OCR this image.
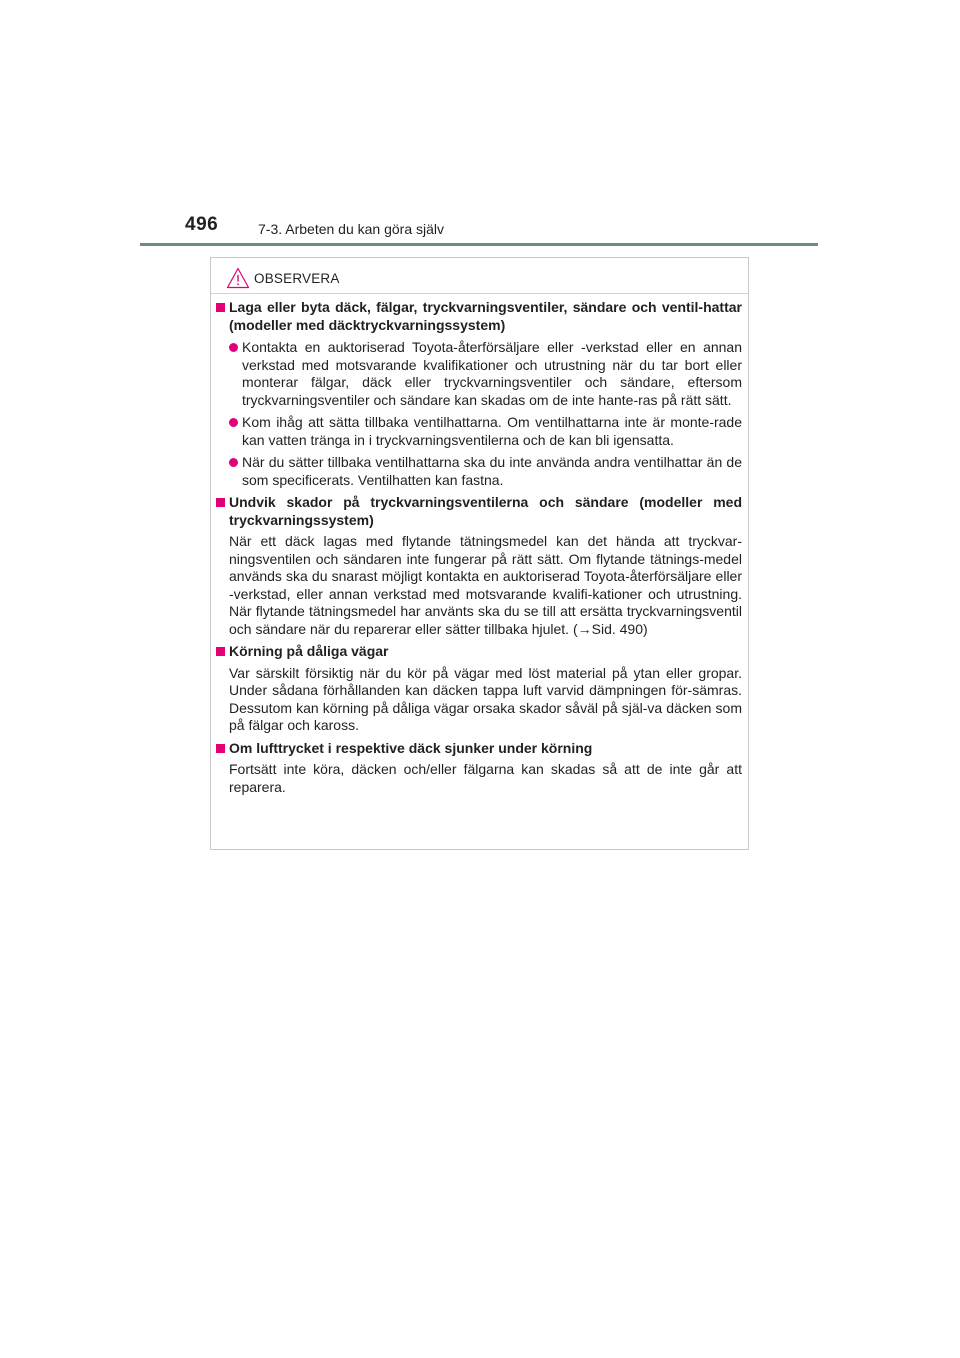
496	7-3. Arbeten du kan göra själv
OBSERVERA
Laga eller byta däck, fälgar, tryckvarningsventiler, sändare och ventil-hattar (modeller med däcktryckvarningssystem)
Kontakta en auktoriserad Toyota-återförsäljare eller -verkstad eller en annan verkstad med motsvarande kvalifikationer och utrustning när du tar bort eller monterar fälgar, däck eller tryckvarningsventiler och sändare, eftersom tryckvarningsventiler och sändare kan skadas om de inte hante-ras på rätt sätt.
Kom ihåg att sätta tillbaka ventilhattarna. Om ventilhattarna inte är monte-rade kan vatten tränga in i tryckvarningsventilerna och de kan bli igensatta.
När du sätter tillbaka ventilhattarna ska du inte använda andra ventilhattar än de som specificerats. Ventilhatten kan fastna.
Undvik skador på tryckvarningsventilerna och sändare (modeller med tryckvarningssystem)
När ett däck lagas med flytande tätningsmedel kan det hända att tryckvar-ningsventilen och sändaren inte fungerar på rätt sätt. Om flytande tätnings-medel används ska du snarast möjligt kontakta en auktoriserad Toyota-återförsäljare eller -verkstad, eller annan verkstad med motsvarande kvalifi-kationer och utrustning. När flytande tätningsmedel har använts ska du se till att ersätta tryckvarningsventil och sändare när du reparerar eller sätter tillbaka hjulet. (→Sid. 490)
Körning på dåliga vägar
Var särskilt försiktig när du kör på vägar med löst material på ytan eller gropar. Under sådana förhållanden kan däcken tappa luft varvid dämpningen för-sämras. Dessutom kan körning på dåliga vägar orsaka skador såväl på själ-va däcken som på fälgar och kaross.
Om lufttrycket i respektive däck sjunker under körning
Fortsätt inte köra, däcken och/eller fälgarna kan skadas så att de inte går att reparera.
